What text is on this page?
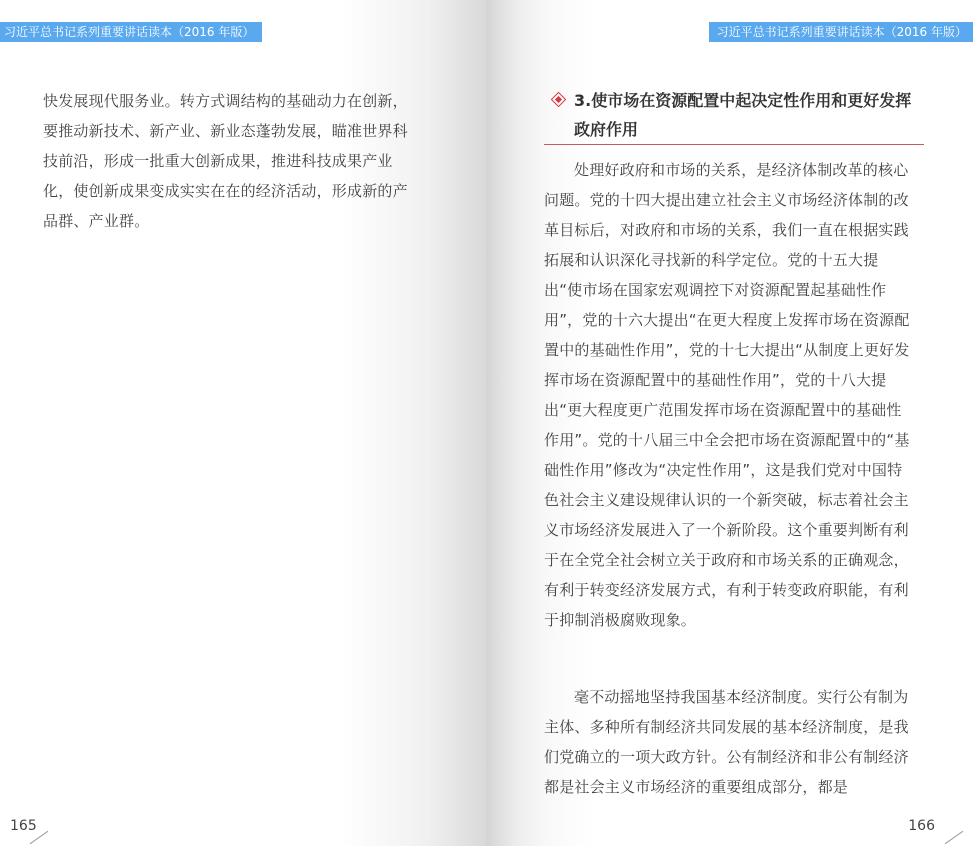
习近平总书记系列重要讲话读本（2016 年版）

快发展现代服务业。转方式调结构的基础动力在创新，要推动新技术、新产业、新业态蓬勃发展，瞄准世界科技前沿，形成一批重大创新成果，推进科技成果产业化，使创新成果变成实实在在的经济活动，形成新的产品群、产业群。

165
习近平总书记系列重要讲话读本（2016 年版）
3.使市场在资源配置中起决定性作用和更好发挥
政府作用

处理好政府和市场的关系，是经济体制改革的核心问题。党的十四大提出建立社会主义市场经济体制的改革目标后，对政府和市场的关系，我们一直在根据实践拓展和认识深化寻找新的科学定位。党的十五大提出“使市场在国家宏观调控下对资源配置起基础性作用”，党的十六大提出“在更大程度上发挥市场在资源配置中的基础性作用”，党的十七大提出“从制度上更好发挥市场在资源配置中的基础性作用”，党的十八大提出“更大程度更广范围发挥市场在资源配置中的基础性作用”。党的十八届三中全会把市场在资源配置中的“基础性作用”修改为“决定性作用”，这是我们党对中国特色社会主义建设规律认识的一个新突破，标志着社会主义市场经济发展进入了一个新阶段。这个重要判断有利于在全党全社会树立关于政府和市场关系的正确观念，有利于转变经济发展方式，有利于转变政府职能，有利于抑制消极腐败现象。

毫不动摇地坚持我国基本经济制度。实行公有制为主体、多种所有制经济共同发展的基本经济制度，是我们党确立的一项大政方针。公有制经济和非公有制经济都是社会主义市场经济的重要组成部分，都是

166
